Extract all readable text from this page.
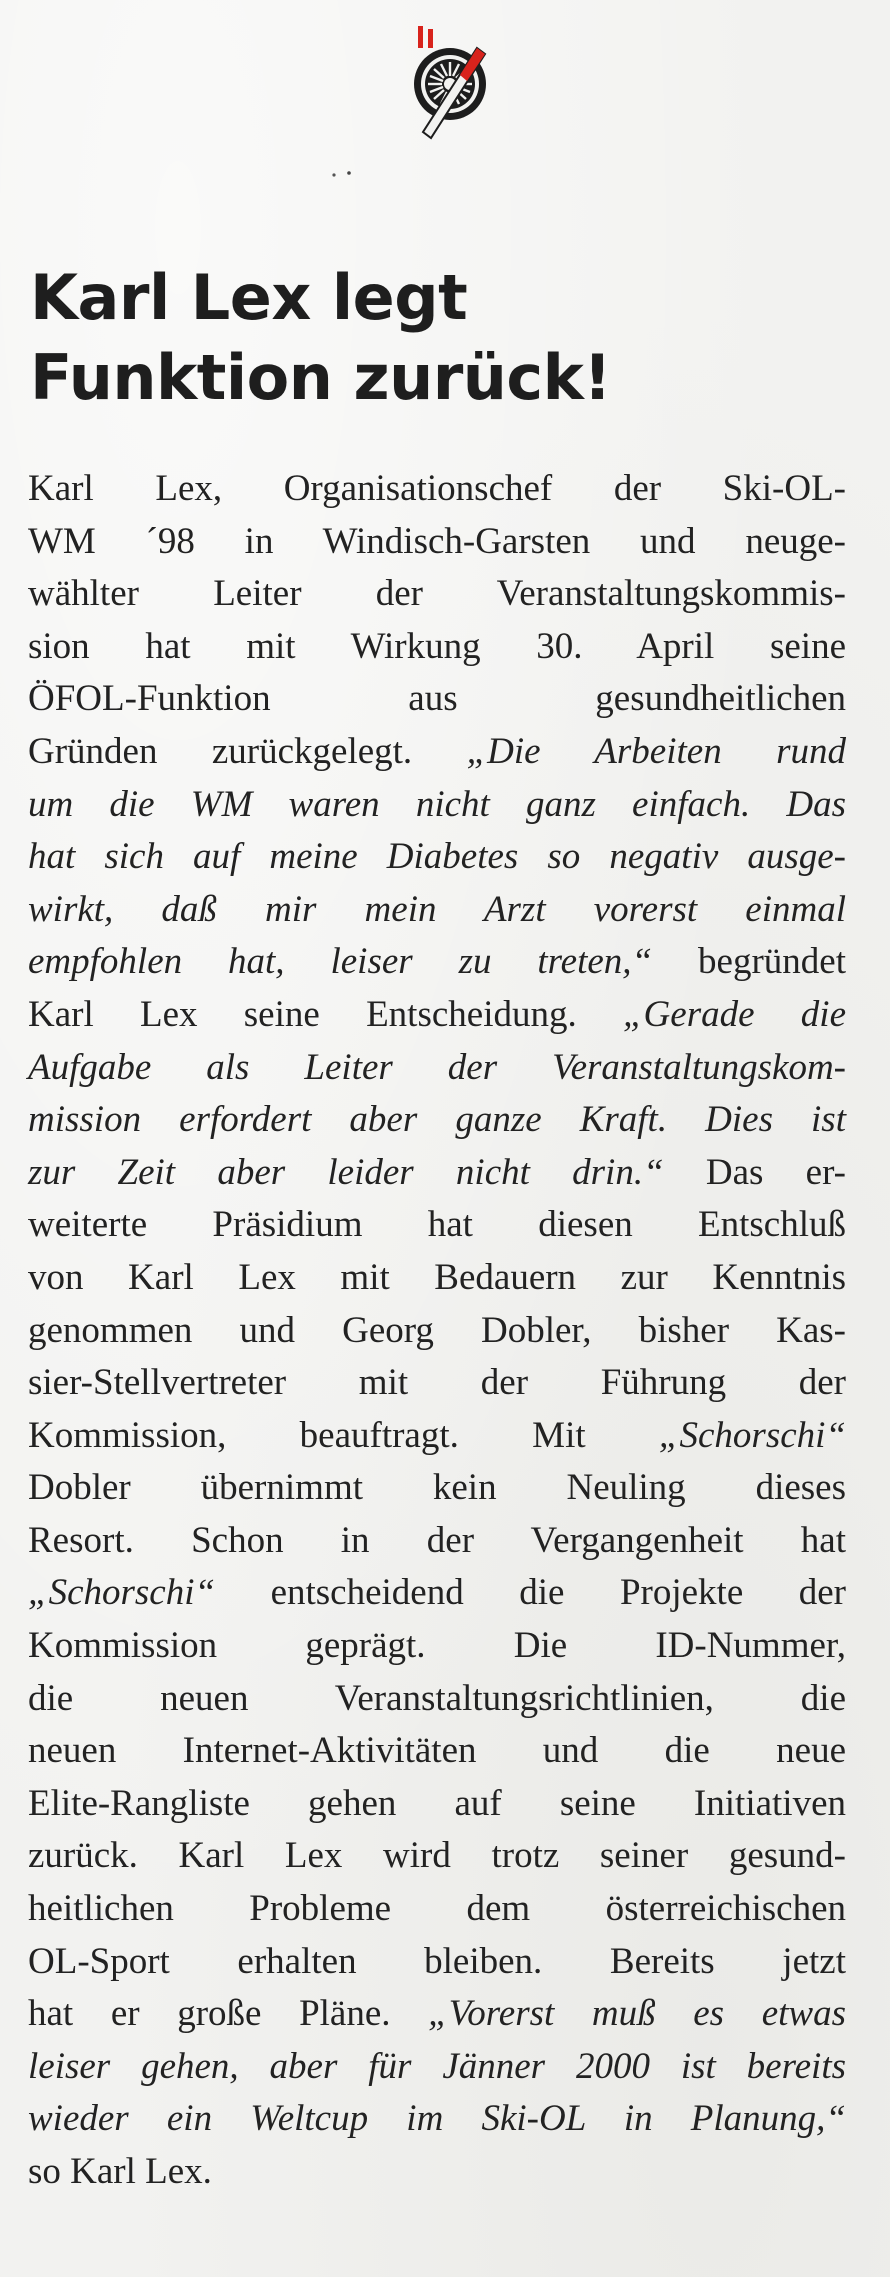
Karl Lex legt
Funktion zurück!
Karl Lex, Organisationschef der Ski-OL-
WM ´98 in Windisch-Garsten und neuge-
wählter Leiter der Veranstaltungskommis-
sion hat mit Wirkung 30. April seine
ÖFOL-Funktion aus gesundheitlichen
Gründen zurückgelegt. „Die Arbeiten rund
um die WM waren nicht ganz einfach. Das
hat sich auf meine Diabetes so negativ ausge-
wirkt, daß mir mein Arzt vorerst einmal
empfohlen hat, leiser zu treten,“ begründet
Karl Lex seine Entscheidung. „Gerade die
Aufgabe als Leiter der Veranstaltungskom-
mission erfordert aber ganze Kraft. Dies ist
zur Zeit aber leider nicht drin.“ Das er-
weiterte Präsidium hat diesen Entschluß
von Karl Lex mit Bedauern zur Kenntnis
genommen und Georg Dobler, bisher Kas-
sier-Stellvertreter mit der Führung der
Kommission, beauftragt. Mit „Schorschi“
Dobler übernimmt kein Neuling dieses
Resort. Schon in der Vergangenheit hat
„Schorschi“ entscheidend die Projekte der
Kommission geprägt. Die ID-Nummer,
die neuen Veranstaltungsrichtlinien, die
neuen Internet-Aktivitäten und die neue
Elite-Rangliste gehen auf seine Initiativen
zurück. Karl Lex wird trotz seiner gesund-
heitlichen Probleme dem österreichischen
OL-Sport erhalten bleiben. Bereits jetzt
hat er große Pläne. „Vorerst muß es etwas
leiser gehen, aber für Jänner 2000 ist bereits
wieder ein Weltcup im Ski-OL in Planung,“
so Karl Lex.
